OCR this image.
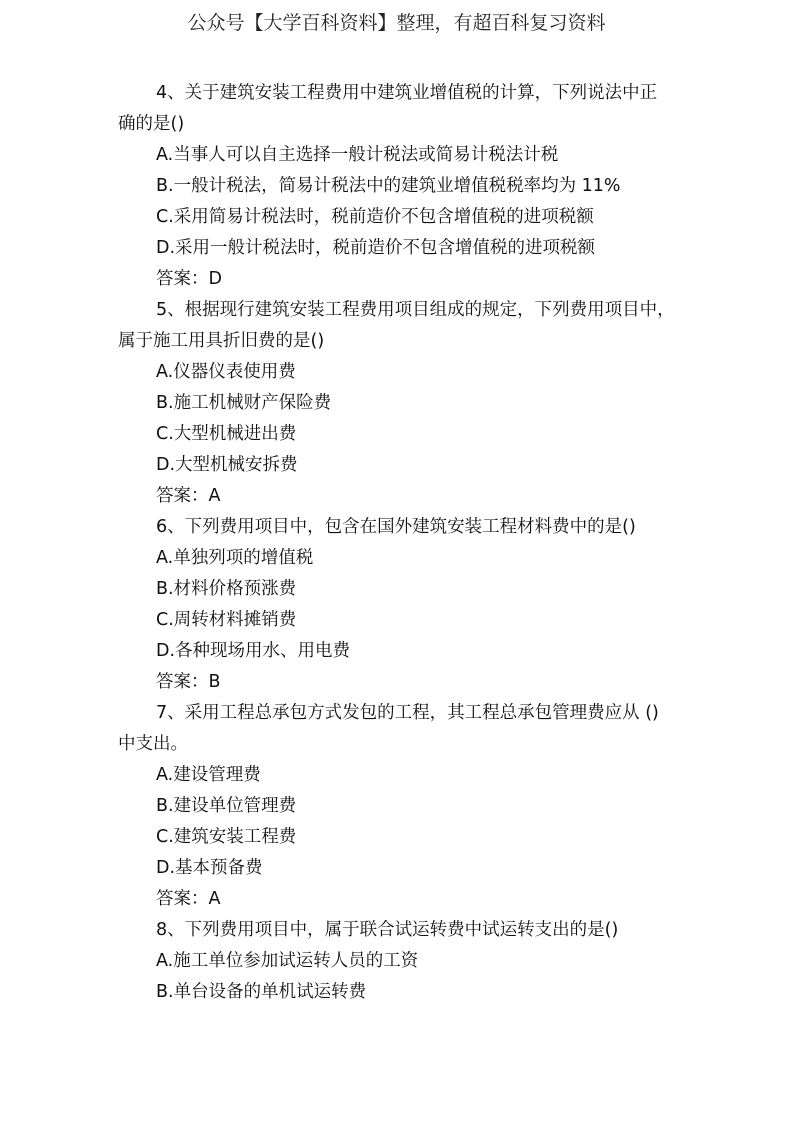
公众号【大学百科资料】整理，有超百科复习资料
4、关于建筑安装工程费用中建筑业增值税的计算，下列说法中正
确的是()
A.当事人可以自主选择一般计税法或简易计税法计税
B.一般计税法，简易计税法中的建筑业增值税税率均为 11%
C.采用简易计税法时，税前造价不包含增值税的进项税额
D.采用一般计税法时，税前造价不包含增值税的进项税额
答案：D
5、根据现行建筑安装工程费用项目组成的规定，下列费用项目中，
属于施工用具折旧费的是()
A.仪器仪表使用费
B.施工机械财产保险费
C.大型机械进出费
D.大型机械安拆费
答案：A
6、下列费用项目中，包含在国外建筑安装工程材料费中的是()
A.单独列项的增值税
B.材料价格预涨费
C.周转材料摊销费
D.各种现场用水、用电费
答案：B
7、采用工程总承包方式发包的工程，其工程总承包管理费应从 ()
中支出。
A.建设管理费
B.建设单位管理费
C.建筑安装工程费
D.基本预备费
答案：A
8、下列费用项目中，属于联合试运转费中试运转支出的是()
A.施工单位参加试运转人员的工资
B.单台设备的单机试运转费
